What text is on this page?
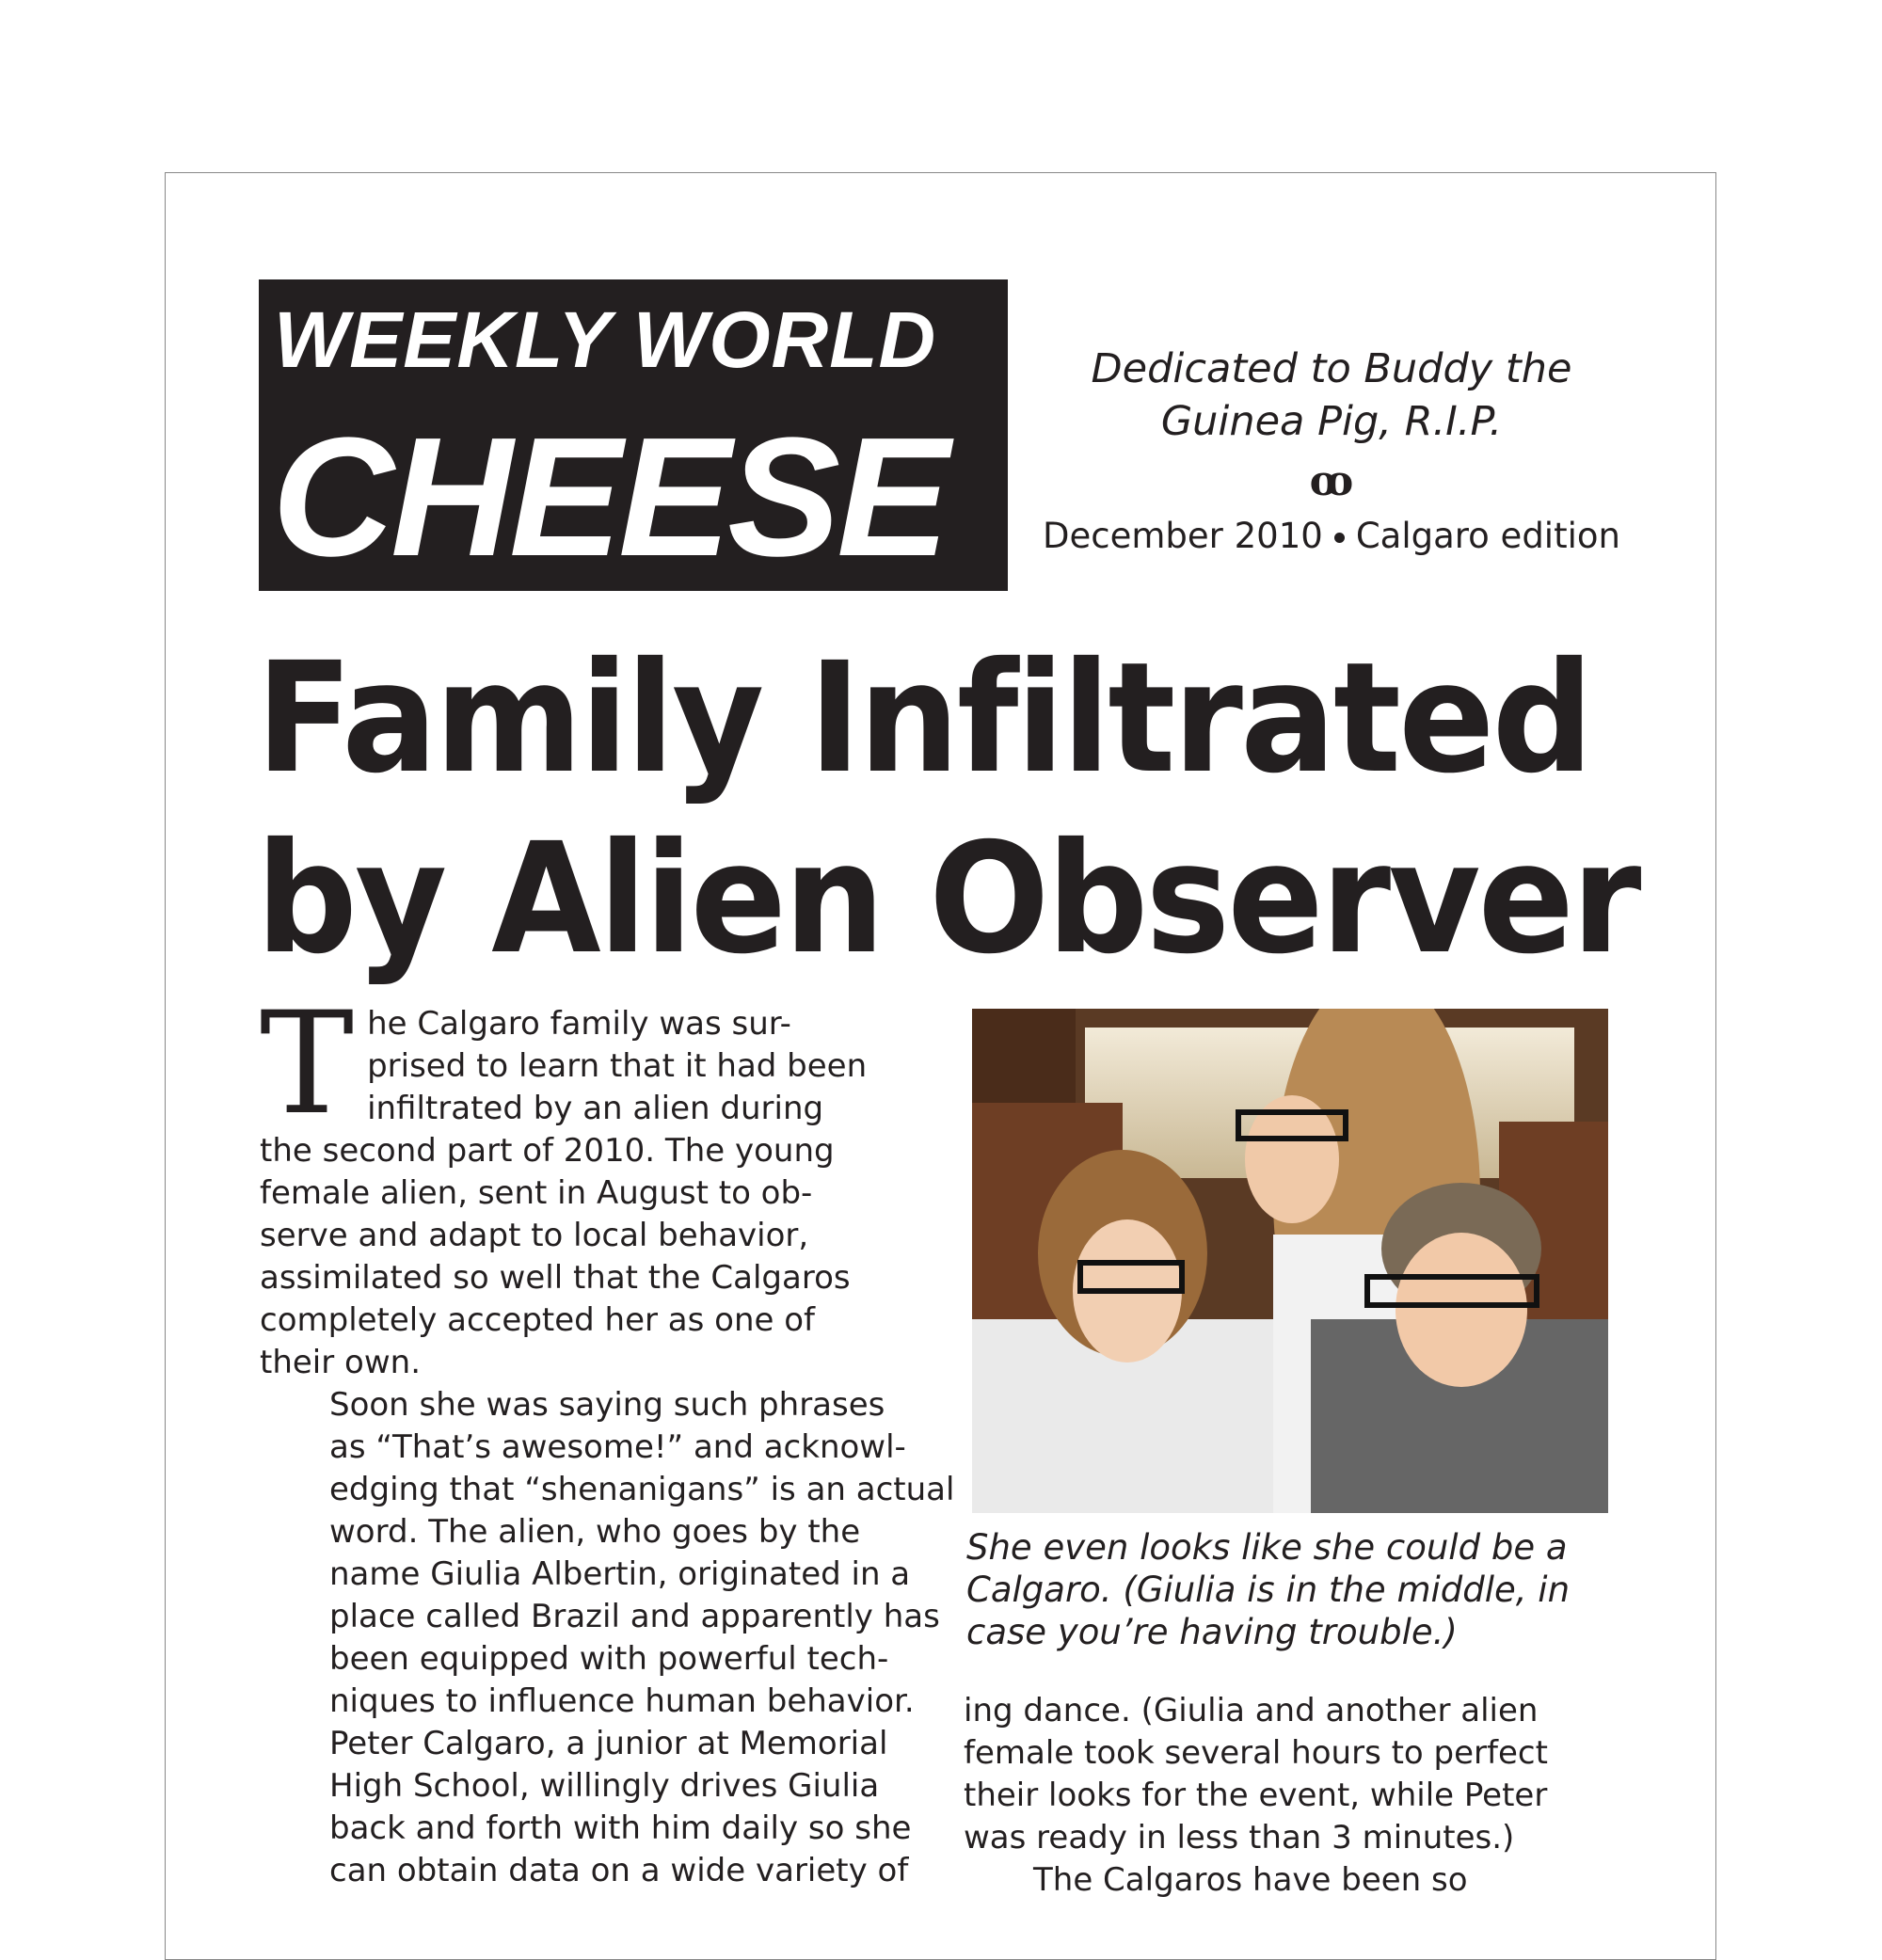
WEEKLY WORLD
CHEESE
Dedicated to Buddy the
Guinea Pig, R.I.P.
ꝏ
December 2010 Calgaro edition
Family Infiltrated
by Alien Observer

T he Calgaro family was sur-
prised to learn that it had been
infiltrated by an alien during
the second part of 2010. The young
female alien, sent in August to ob-
serve and adapt to local behavior,
assimilated so well that the Calgaros
completely accepted her as one of
their own.

Soon she was saying such phrases
as “That’s awesome!” and acknowl-
edging that “shenanigans” is an actual
word. The alien, who goes by the
name Giulia Albertin, originated in a
place called Brazil and apparently has
been equipped with powerful tech-
niques to influence human behavior.
Peter Calgaro, a junior at Memorial
High School, willingly drives Giulia
back and forth with him daily so she
can obtain data on a wide variety of

She even looks like she could be a
Calgaro. (Giulia is in the middle, in
case you’re having trouble.)

ing dance. (Giulia and another alien
female took several hours to perfect
their looks for the event, while Peter
was ready in less than 3 minutes.)

The Calgaros have been so
